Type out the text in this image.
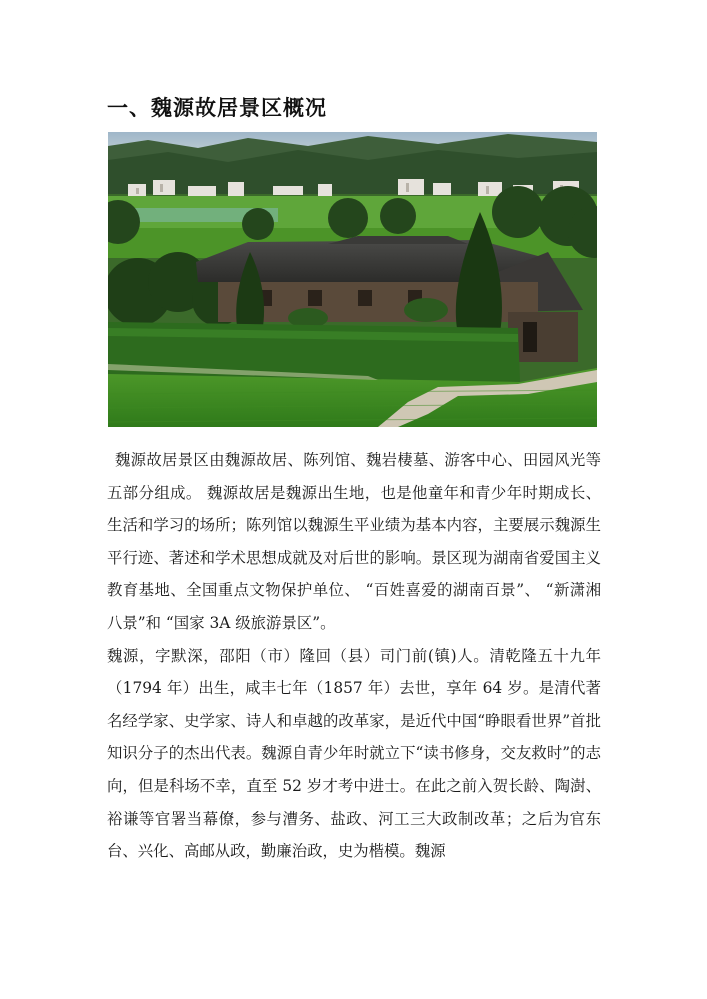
一、魏源故居景区概况

魏源故居景区由魏源故居、陈列馆、魏岩棲墓、游客中心、田园风光等五部分组成。 魏源故居是魏源出生地，也是他童年和青少年时期成长、生活和学习的场所；陈列馆以魏源生平业绩为基本内容，主要展示魏源生平行迹、著述和学术思想成就及对后世的影响。景区现为湖南省爱国主义教育基地、全国重点文物保护单位、 “百姓喜爱的湖南百景”、 “新潇湘八景”和 “国家 3A 级旅游景区”。

魏源，字默深，邵阳（市）隆回（县）司门前(镇)人。清乾隆五十九年（1794 年）出生，咸丰七年（1857 年）去世，享年 64 岁。是清代著名经学家、史学家、诗人和卓越的改革家，是近代中国“睁眼看世界”首批知识分子的杰出代表。魏源自青少年时就立下“读书修身，交友救时”的志向，但是科场不幸，直至 52 岁才考中进士。在此之前入贺长龄、陶澍、裕谦等官署当幕僚，参与漕务、盐政、河工三大政制改革；之后为官东台、兴化、高邮从政，勤廉治政，史为楷模。魏源
